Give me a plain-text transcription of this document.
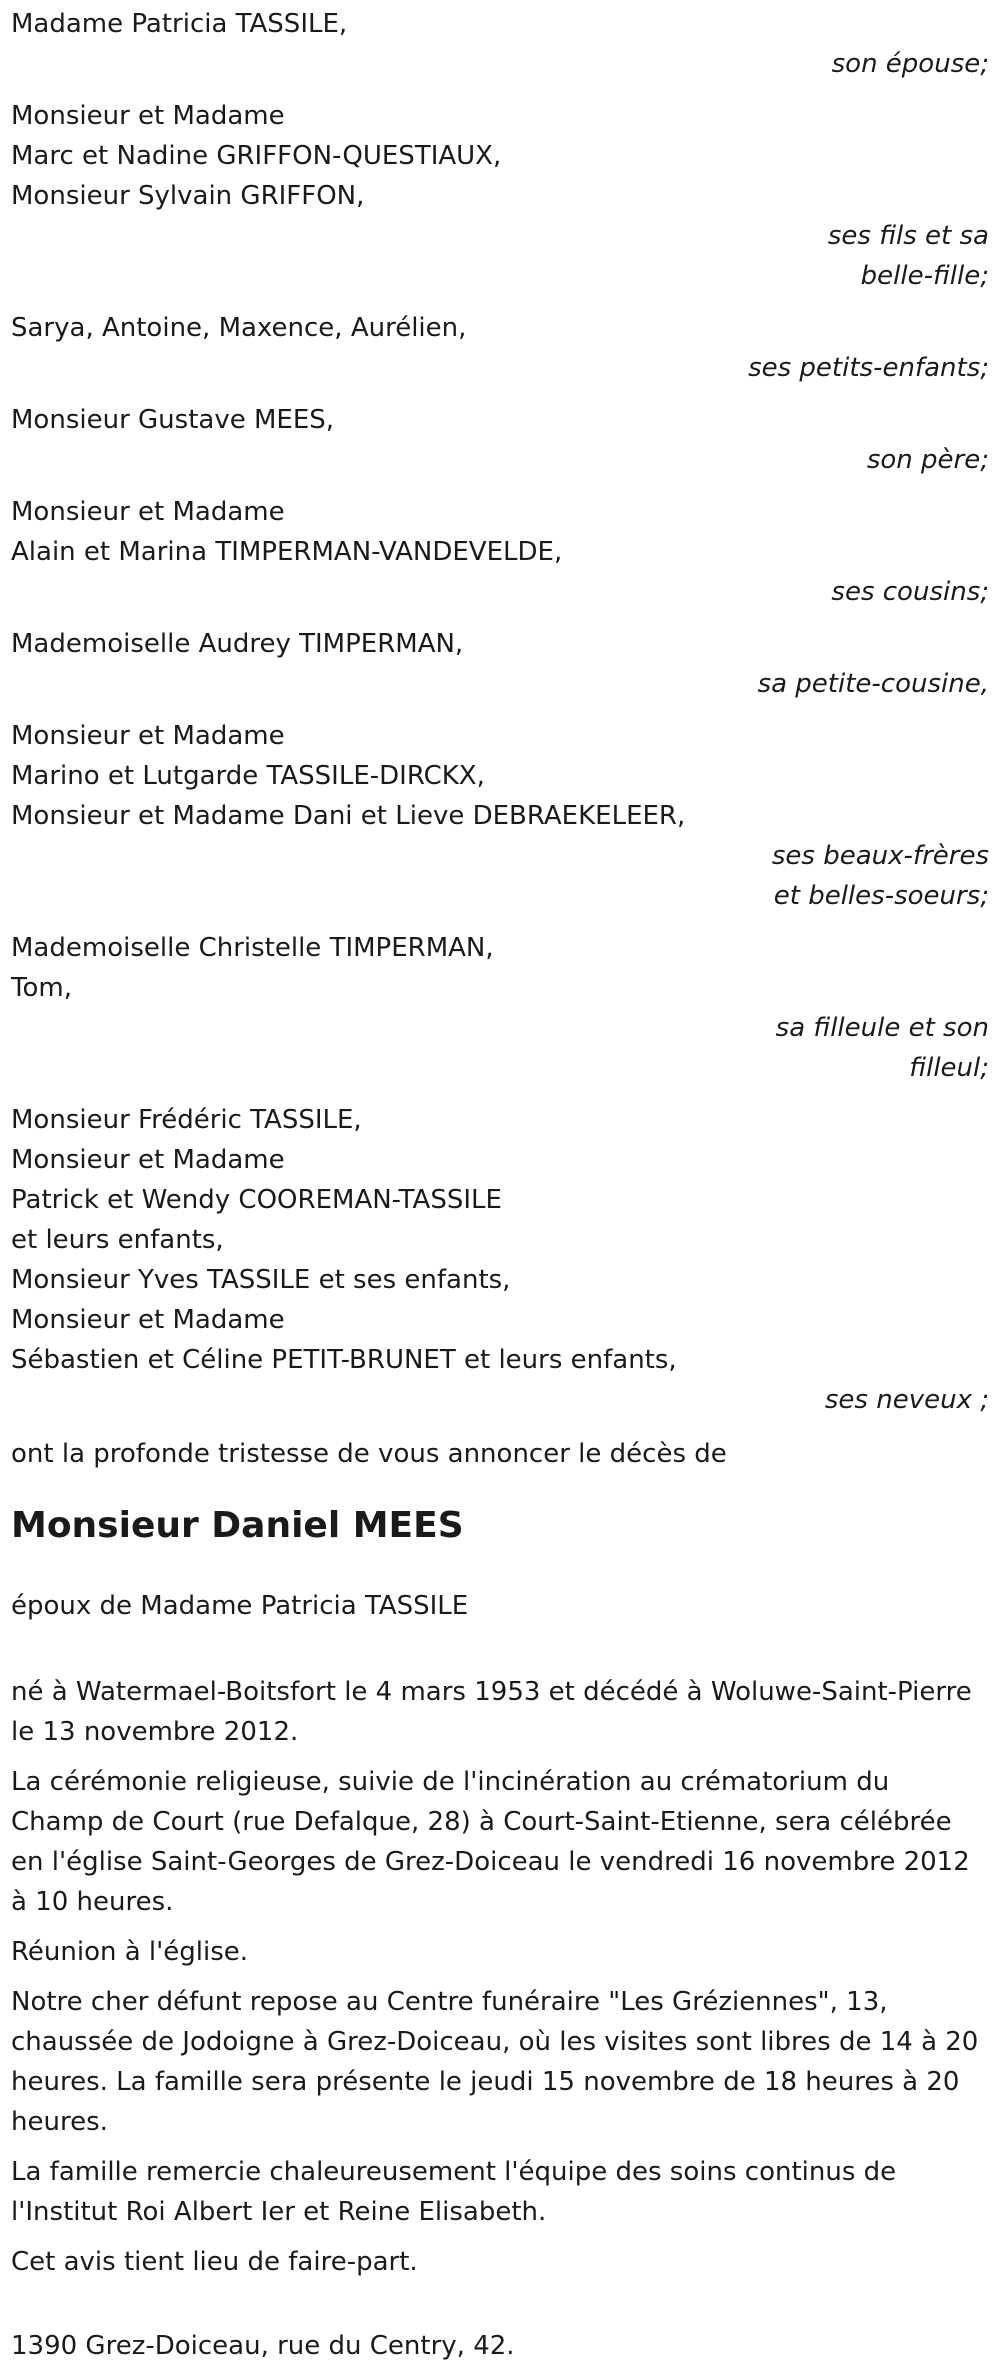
Madame Patricia TASSILE,
son épouse;
Monsieur et Madame
Marc et Nadine GRIFFON-QUESTIAUX,
Monsieur Sylvain GRIFFON,
ses fils et sa belle-fille;
Sarya, Antoine, Maxence, Aurélien,
ses petits-enfants;
Monsieur Gustave MEES,
son père;
Monsieur et Madame
Alain et Marina TIMPERMAN-VANDEVELDE,
ses cousins;
Mademoiselle Audrey TIMPERMAN,
sa petite-cousine,
Monsieur et Madame
Marino et Lutgarde TASSILE-DIRCKX,
Monsieur et Madame Dani et Lieve DEBRAEKELEER,
ses beaux-frères et belles-soeurs;
Mademoiselle Christelle TIMPERMAN,
Tom,
sa filleule et son filleul;
Monsieur Frédéric TASSILE,
Monsieur et Madame
Patrick et Wendy COOREMAN-TASSILE
et leurs enfants,
Monsieur Yves TASSILE et ses enfants,
Monsieur et Madame
Sébastien et Céline PETIT-BRUNET et leurs enfants,
ses neveux ;
ont la profonde tristesse de vous annoncer le décès de
Monsieur Daniel MEES
époux de Madame Patricia TASSILE

né à Watermael-Boitsfort le 4 mars 1953 et décédé à Woluwe-Saint-Pierre le 13 novembre 2012.

La cérémonie religieuse, suivie de l'incinération au crématorium du Champ de Court (rue Defalque, 28) à Court-Saint-Etienne, sera célébrée en l'église Saint-Georges de Grez-Doiceau le vendredi 16 novembre 2012 à 10 heures.

Réunion à l'église.

Notre cher défunt repose au Centre funéraire "Les Gréziennes", 13, chaussée de Jodoigne à Grez-Doiceau, où les visites sont libres de 14 à 20 heures. La famille sera présente le jeudi 15 novembre de 18 heures à 20 heures.

La famille remercie chaleureusement l'équipe des soins continus de l'Institut Roi Albert Ier et Reine Elisabeth.

Cet avis tient lieu de faire-part.

1390 Grez-Doiceau, rue du Centry, 42.
